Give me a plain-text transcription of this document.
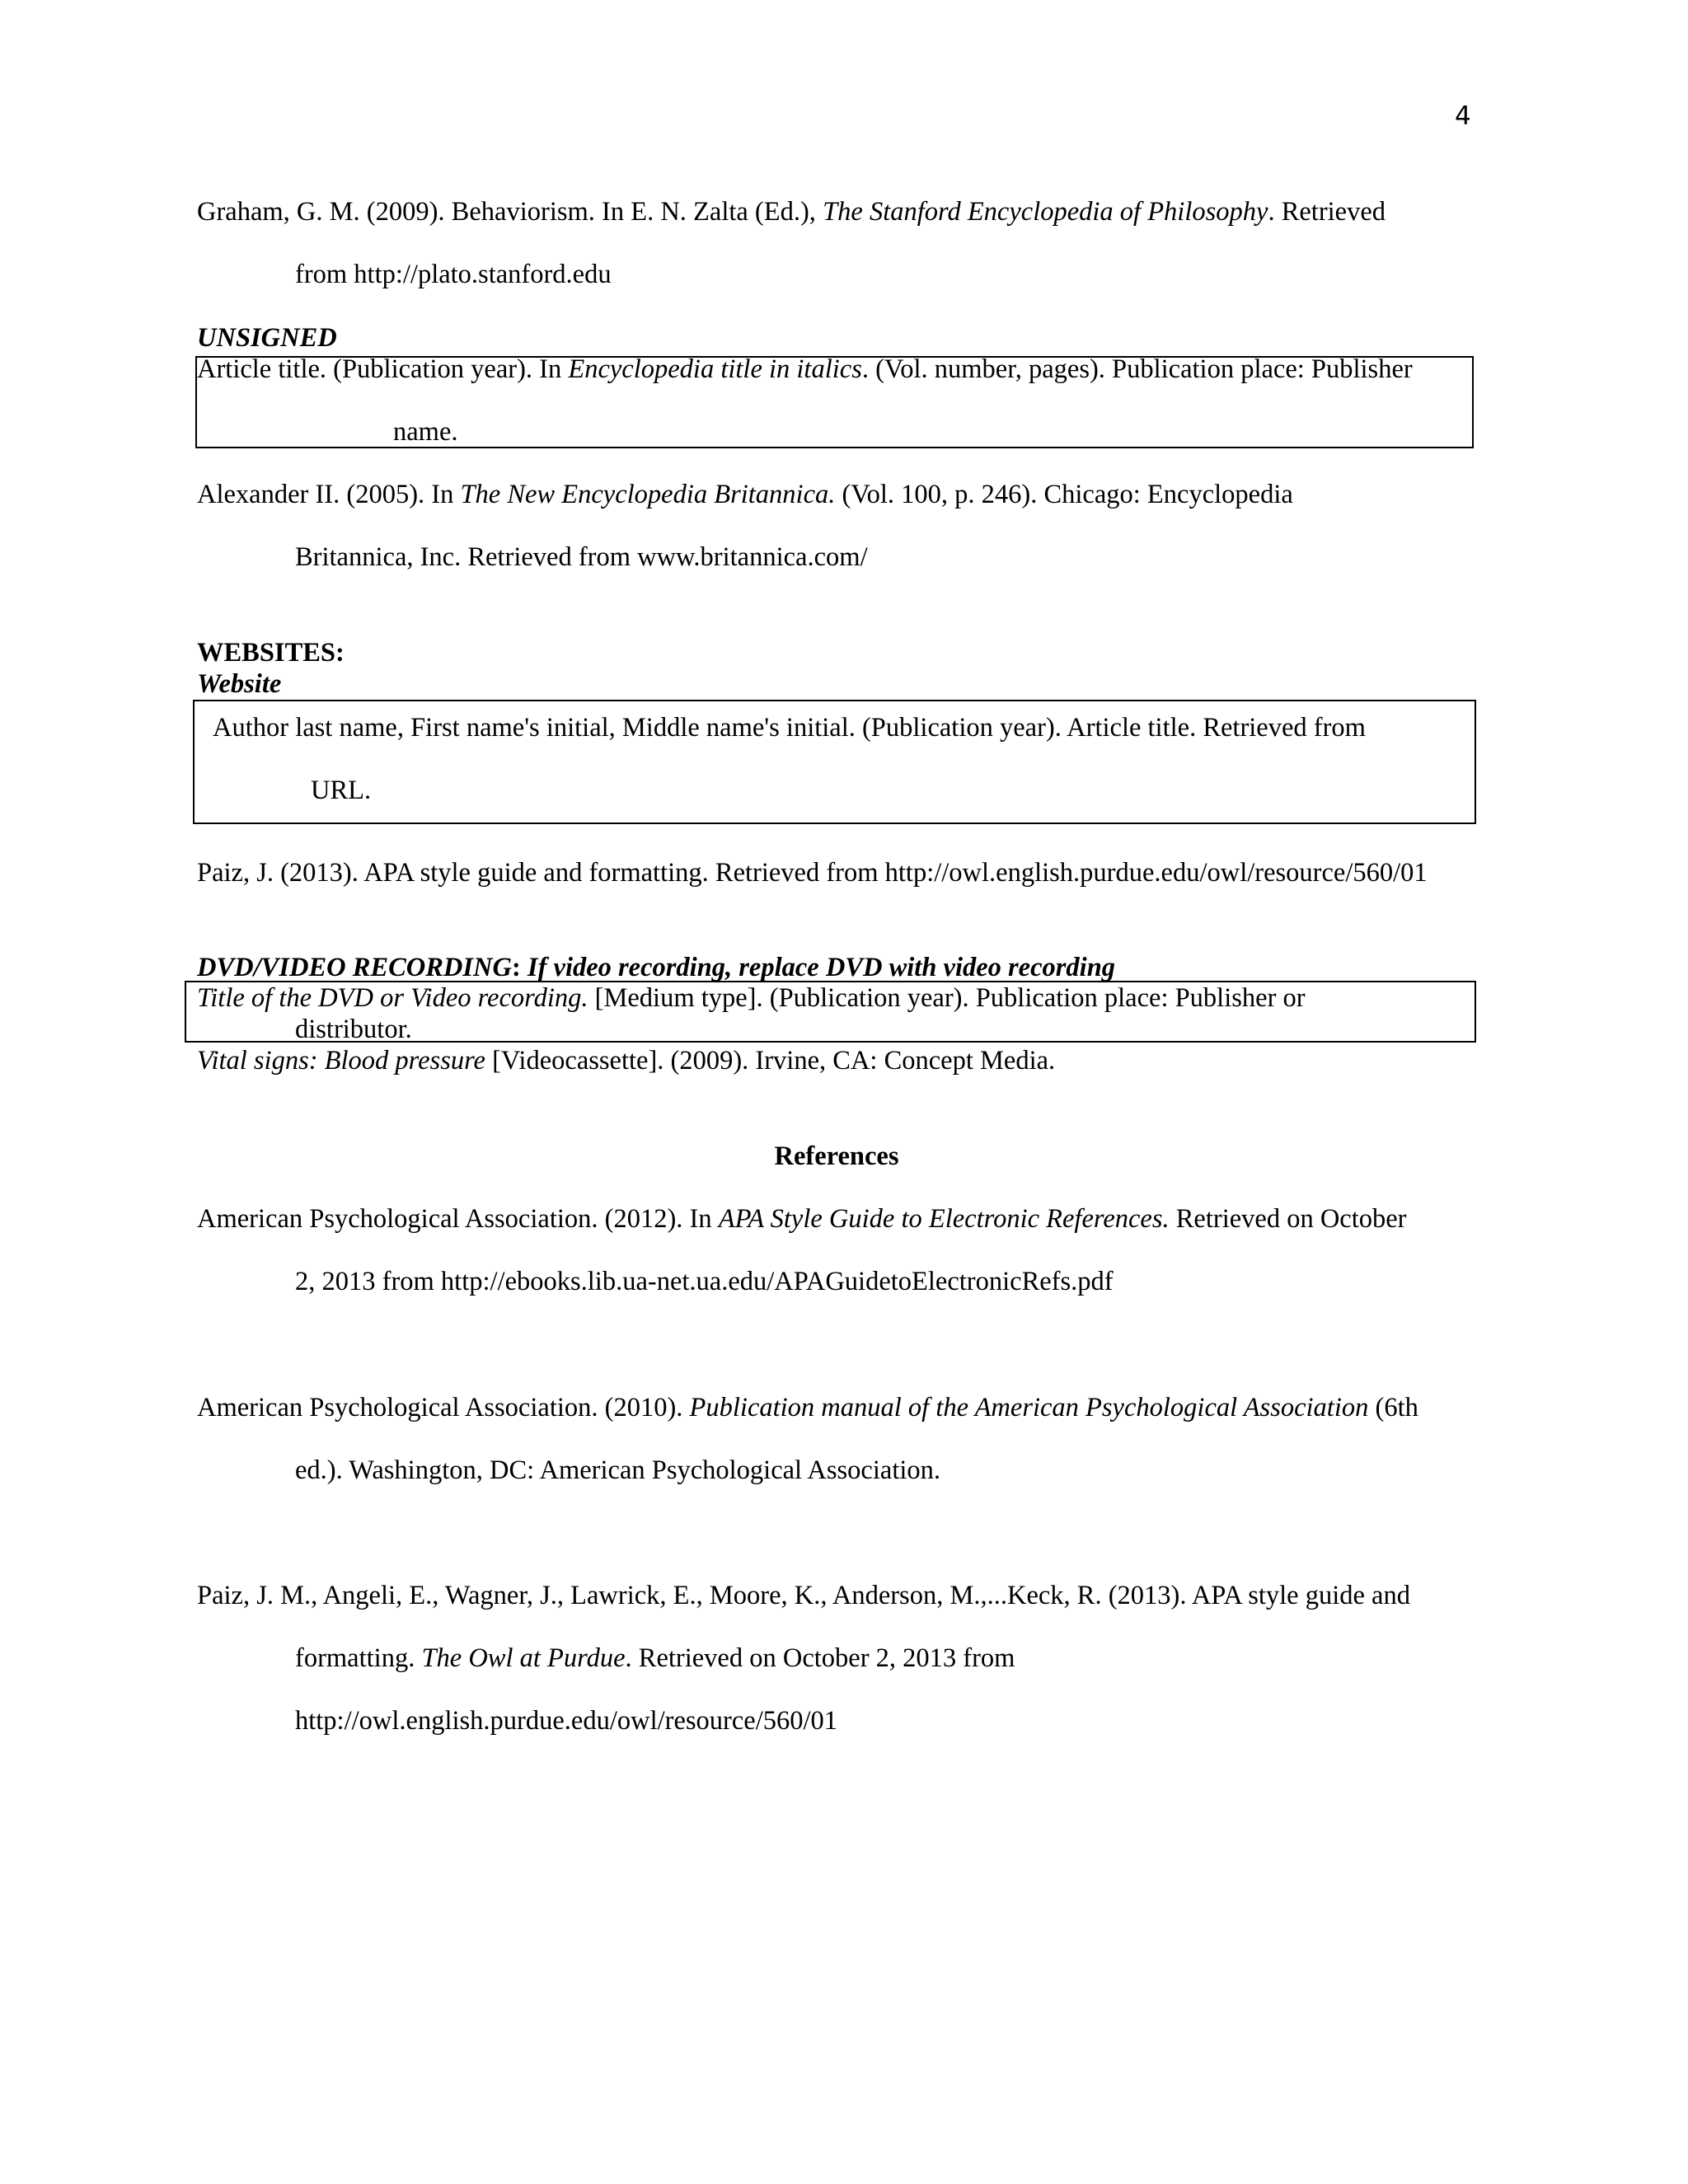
4
Graham, G. M. (2009). Behaviorism. In E. N. Zalta (Ed.), The Stanford Encyclopedia of Philosophy. Retrieved
from http://plato.stanford.edu
UNSIGNED
Article title. (Publication year). In Encyclopedia title in italics. (Vol. number, pages). Publication place: Publisher
name.
Alexander II. (2005). In The New Encyclopedia Britannica. (Vol. 100, p. 246). Chicago: Encyclopedia
Britannica, Inc. Retrieved from www.britannica.com/
WEBSITES:
Website
Author last name, First name's initial, Middle name's initial. (Publication year). Article title. Retrieved from
URL.
Paiz, J. (2013). APA style guide and formatting. Retrieved from http://owl.english.purdue.edu/owl/resource/560/01
DVD/VIDEO RECORDING: If video recording, replace DVD with video recording
Title of the DVD or Video recording. [Medium type]. (Publication year). Publication place: Publisher or
distributor.
Vital signs: Blood pressure [Videocassette]. (2009). Irvine, CA: Concept Media.
References
American Psychological Association. (2012). In APA Style Guide to Electronic References. Retrieved on October
2, 2013 from http://ebooks.lib.ua-net.ua.edu/APAGuidetoElectronicRefs.pdf
American Psychological Association. (2010). Publication manual of the American Psychological Association (6th
ed.). Washington, DC: American Psychological Association.
Paiz, J. M., Angeli, E., Wagner, J., Lawrick, E., Moore, K., Anderson, M.,...Keck, R. (2013). APA style guide and
formatting. The Owl at Purdue. Retrieved on October 2, 2013 from
http://owl.english.purdue.edu/owl/resource/560/01
